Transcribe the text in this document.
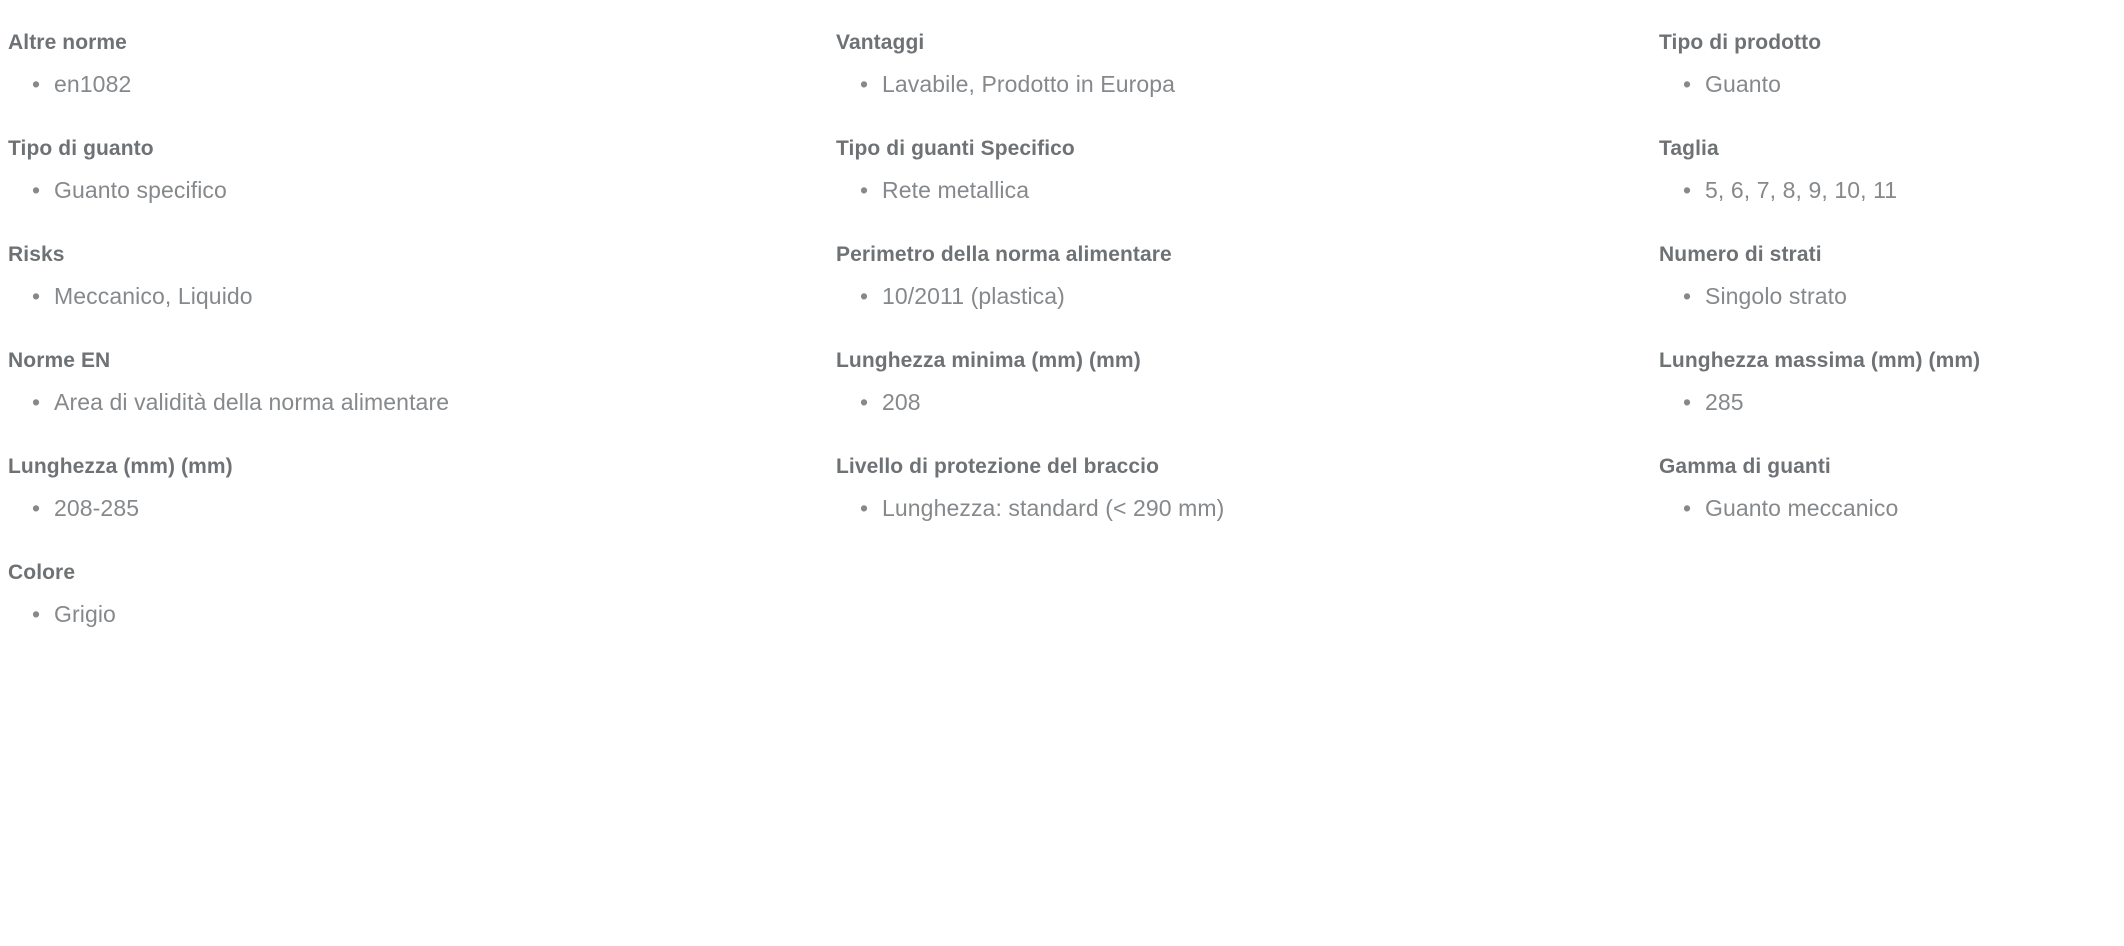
Altre norme
• en1082
Tipo di guanto
• Guanto specifico
Risks
• Meccanico, Liquido
Norme EN
• Area di validità della norma alimentare
Lunghezza (mm) (mm)
• 208-285
Colore
• Grigio
Vantaggi
• Lavabile, Prodotto in Europa
Tipo di guanti Specifico
• Rete metallica
Perimetro della norma alimentare
• 10/2011 (plastica)
Lunghezza minima (mm) (mm)
• 208
Livello di protezione del braccio
• Lunghezza: standard (< 290 mm)
Tipo di prodotto
• Guanto
Taglia
• 5, 6, 7, 8, 9, 10, 11
Numero di strati
• Singolo strato
Lunghezza massima (mm) (mm)
• 285
Gamma di guanti
• Guanto meccanico
